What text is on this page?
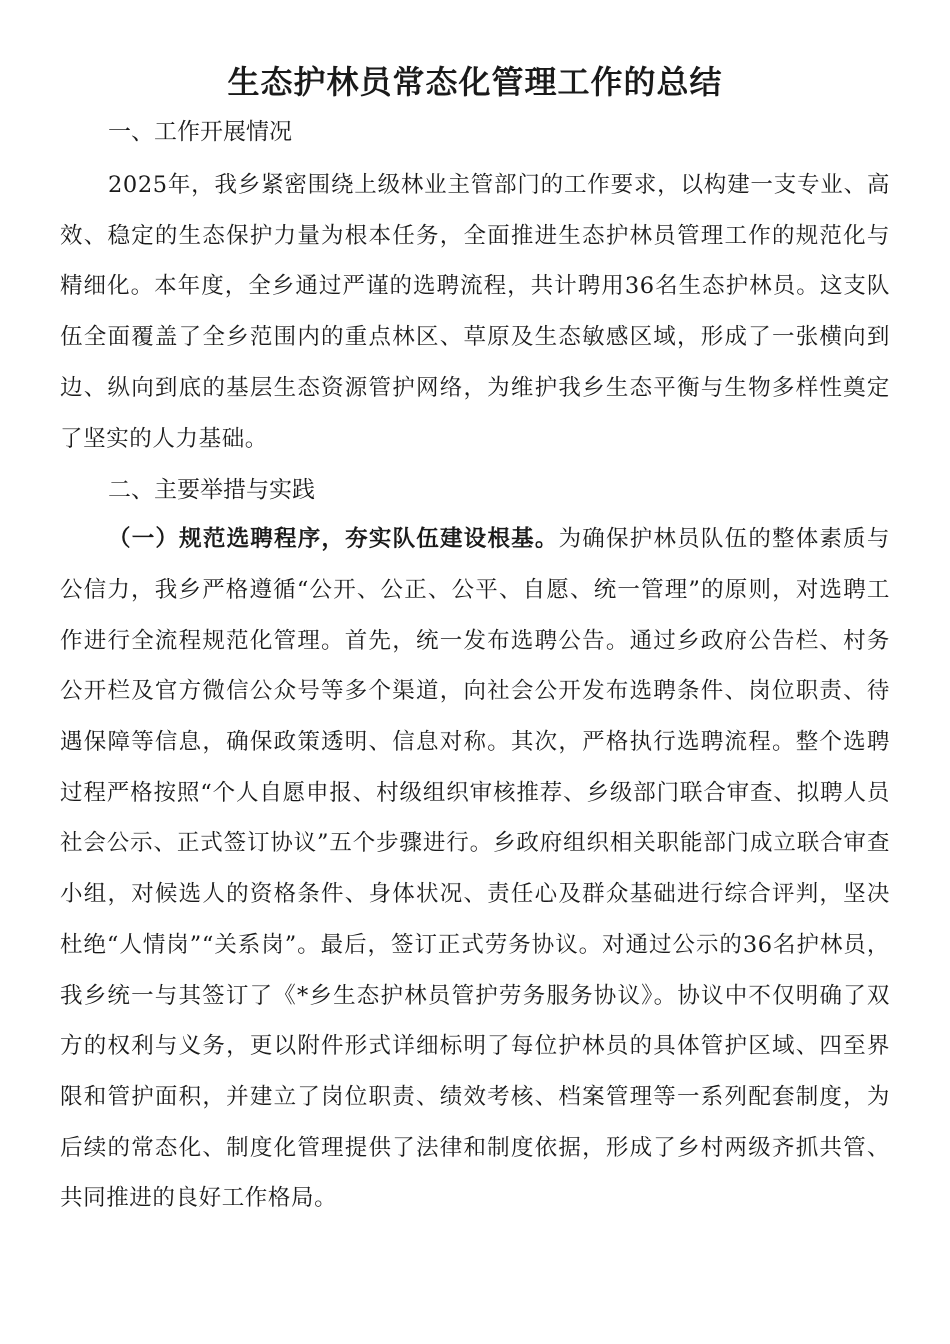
生态护林员常态化管理工作的总结

一、工作开展情况

2025年，我乡紧密围绕上级林业主管部门的工作要求，以构建一支专业、高效、稳定的生态保护力量为根本任务，全面推进生态护林员管理工作的规范化与精细化。本年度，全乡通过严谨的选聘流程，共计聘用36名生态护林员。这支队伍全面覆盖了全乡范围内的重点林区、草原及生态敏感区域，形成了一张横向到边、纵向到底的基层生态资源管护网络，为维护我乡生态平衡与生物多样性奠定了坚实的人力基础。

二、主要举措与实践

（一）规范选聘程序，夯实队伍建设根基。为确保护林员队伍的整体素质与公信力，我乡严格遵循“公开、公正、公平、自愿、统一管理”的原则，对选聘工作进行全流程规范化管理。首先，统一发布选聘公告。通过乡政府公告栏、村务公开栏及官方微信公众号等多个渠道，向社会公开发布选聘条件、岗位职责、待遇保障等信息，确保政策透明、信息对称。其次，严格执行选聘流程。整个选聘过程严格按照“个人自愿申报、村级组织审核推荐、乡级部门联合审查、拟聘人员社会公示、正式签订协议”五个步骤进行。乡政府组织相关职能部门成立联合审查小组，对候选人的资格条件、身体状况、责任心及群众基础进行综合评判，坚决杜绝“人情岗”“关系岗”。最后，签订正式劳务协议。对通过公示的36名护林员，我乡统一与其签订了《*乡生态护林员管护劳务服务协议》。协议中不仅明确了双方的权利与义务，更以附件形式详细标明了每位护林员的具体管护区域、四至界限和管护面积，并建立了岗位职责、绩效考核、档案管理等一系列配套制度，为后续的常态化、制度化管理提供了法律和制度依据，形成了乡村两级齐抓共管、共同推进的良好工作格局。
